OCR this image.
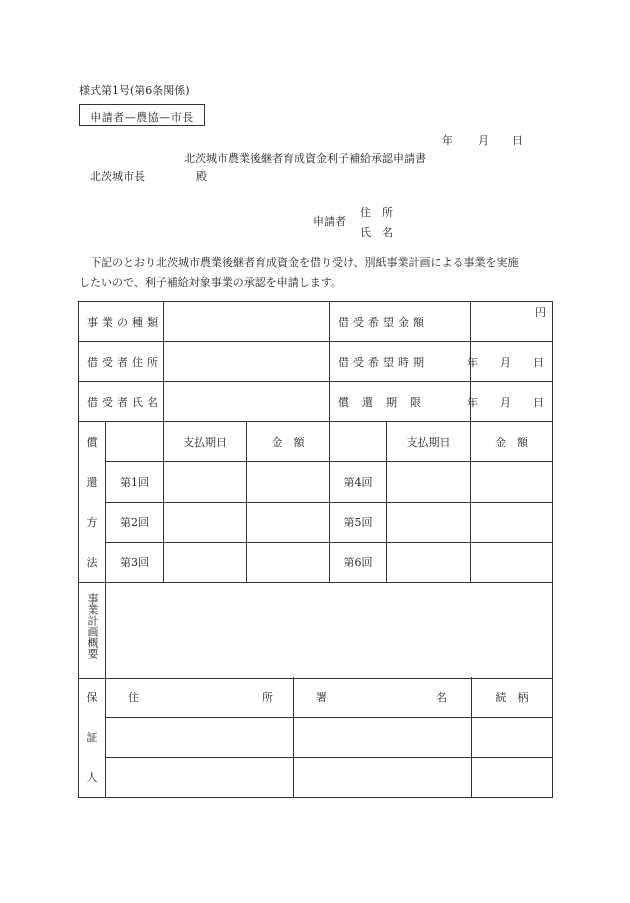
様式第1号(第6条関係)
申請者—農協—市長
年 月 日
北茨城市農業後継者育成資金利子補給承認申請書
北茨城市長	殿
申請者
住　所
氏　名
下記のとおり北茨城市農業後継者育成資金を借り受け、別紙事業計画による事業を実施
したいので、利子補給対象事業の承認を申請します。
事業の種類				借受希望金額		円
借受者住所				借受希望時期		年 月 日

借受者氏名				償還期限		年 月 日

償
還
方
法		支払期日	金　額		支払期日	金　額
	第1回			第4回		
	第2回			第5回		
	第3回			第6回		
事業計画概要						
保
証
人	住 所	署 名	続　柄
